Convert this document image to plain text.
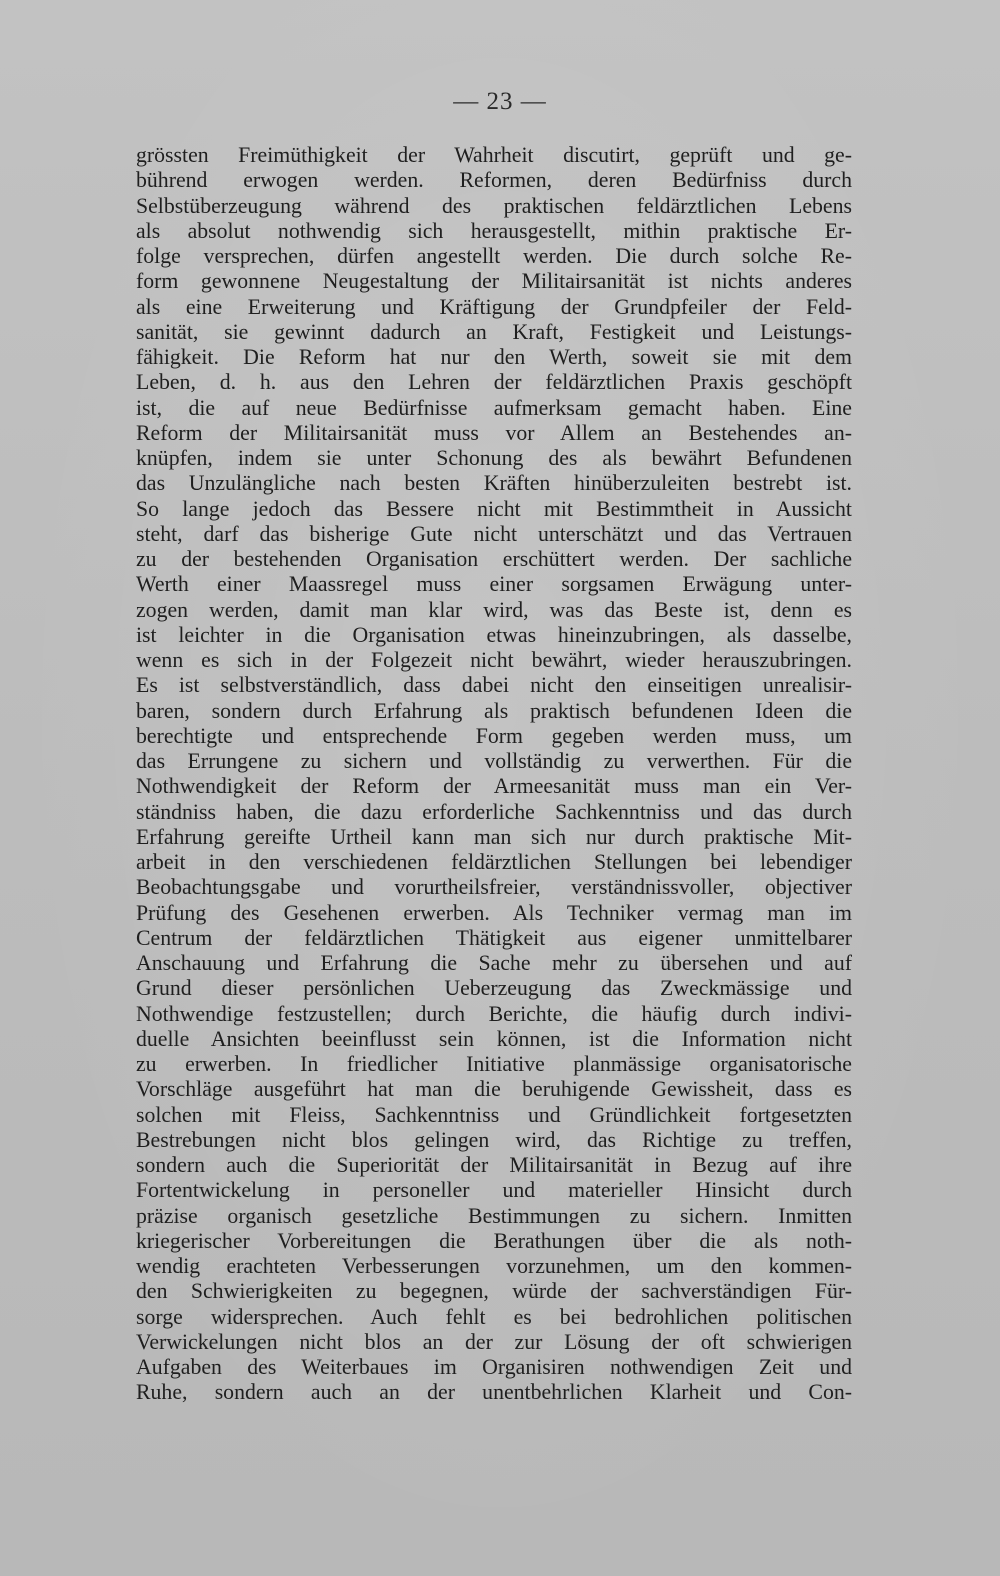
— 23 —
grössten Freimüthigkeit der Wahrheit discutirt, geprüft und ge-
bührend erwogen werden. Reformen, deren Bedürfniss durch
Selbstüberzeugung während des praktischen feldärztlichen Lebens
als absolut nothwendig sich herausgestellt, mithin praktische Er-
folge versprechen, dürfen angestellt werden. Die durch solche Re-
form gewonnene Neugestaltung der Militairsanität ist nichts anderes
als eine Erweiterung und Kräftigung der Grundpfeiler der Feld-
sanität, sie gewinnt dadurch an Kraft, Festigkeit und Leistungs-
fähigkeit. Die Reform hat nur den Werth, soweit sie mit dem
Leben, d. h. aus den Lehren der feldärztlichen Praxis geschöpft
ist, die auf neue Bedürfnisse aufmerksam gemacht haben. Eine
Reform der Militairsanität muss vor Allem an Bestehendes an-
knüpfen, indem sie unter Schonung des als bewährt Befundenen
das Unzulängliche nach besten Kräften hinüberzuleiten bestrebt ist.
So lange jedoch das Bessere nicht mit Bestimmtheit in Aussicht
steht, darf das bisherige Gute nicht unterschätzt und das Vertrauen
zu der bestehenden Organisation erschüttert werden. Der sachliche
Werth einer Maassregel muss einer sorgsamen Erwägung unter-
zogen werden, damit man klar wird, was das Beste ist, denn es
ist leichter in die Organisation etwas hineinzubringen, als dasselbe,
wenn es sich in der Folgezeit nicht bewährt, wieder herauszubringen.
Es ist selbstverständlich, dass dabei nicht den einseitigen unrealisir-
baren, sondern durch Erfahrung als praktisch befundenen Ideen die
berechtigte und entsprechende Form gegeben werden muss, um
das Errungene zu sichern und vollständig zu verwerthen. Für die
Nothwendigkeit der Reform der Armeesanität muss man ein Ver-
ständniss haben, die dazu erforderliche Sachkenntniss und das durch
Erfahrung gereifte Urtheil kann man sich nur durch praktische Mit-
arbeit in den verschiedenen feldärztlichen Stellungen bei lebendiger
Beobachtungsgabe und vorurtheilsfreier, verständnissvoller, objectiver
Prüfung des Gesehenen erwerben. Als Techniker vermag man im
Centrum der feldärztlichen Thätigkeit aus eigener unmittelbarer
Anschauung und Erfahrung die Sache mehr zu übersehen und auf
Grund dieser persönlichen Ueberzeugung das Zweckmässige und
Nothwendige festzustellen; durch Berichte, die häufig durch indivi-
duelle Ansichten beeinflusst sein können, ist die Information nicht
zu erwerben. In friedlicher Initiative planmässige organisatorische
Vorschläge ausgeführt hat man die beruhigende Gewissheit, dass es
solchen mit Fleiss, Sachkenntniss und Gründlichkeit fortgesetzten
Bestrebungen nicht blos gelingen wird, das Richtige zu treffen,
sondern auch die Superiorität der Militairsanität in Bezug auf ihre
Fortentwickelung in personeller und materieller Hinsicht durch
präzise organisch gesetzliche Bestimmungen zu sichern. Inmitten
kriegerischer Vorbereitungen die Berathungen über die als noth-
wendig erachteten Verbesserungen vorzunehmen, um den kommen-
den Schwierigkeiten zu begegnen, würde der sachverständigen Für-
sorge widersprechen. Auch fehlt es bei bedrohlichen politischen
Verwickelungen nicht blos an der zur Lösung der oft schwierigen
Aufgaben des Weiterbaues im Organisiren nothwendigen Zeit und
Ruhe, sondern auch an der unentbehrlichen Klarheit und Con-
